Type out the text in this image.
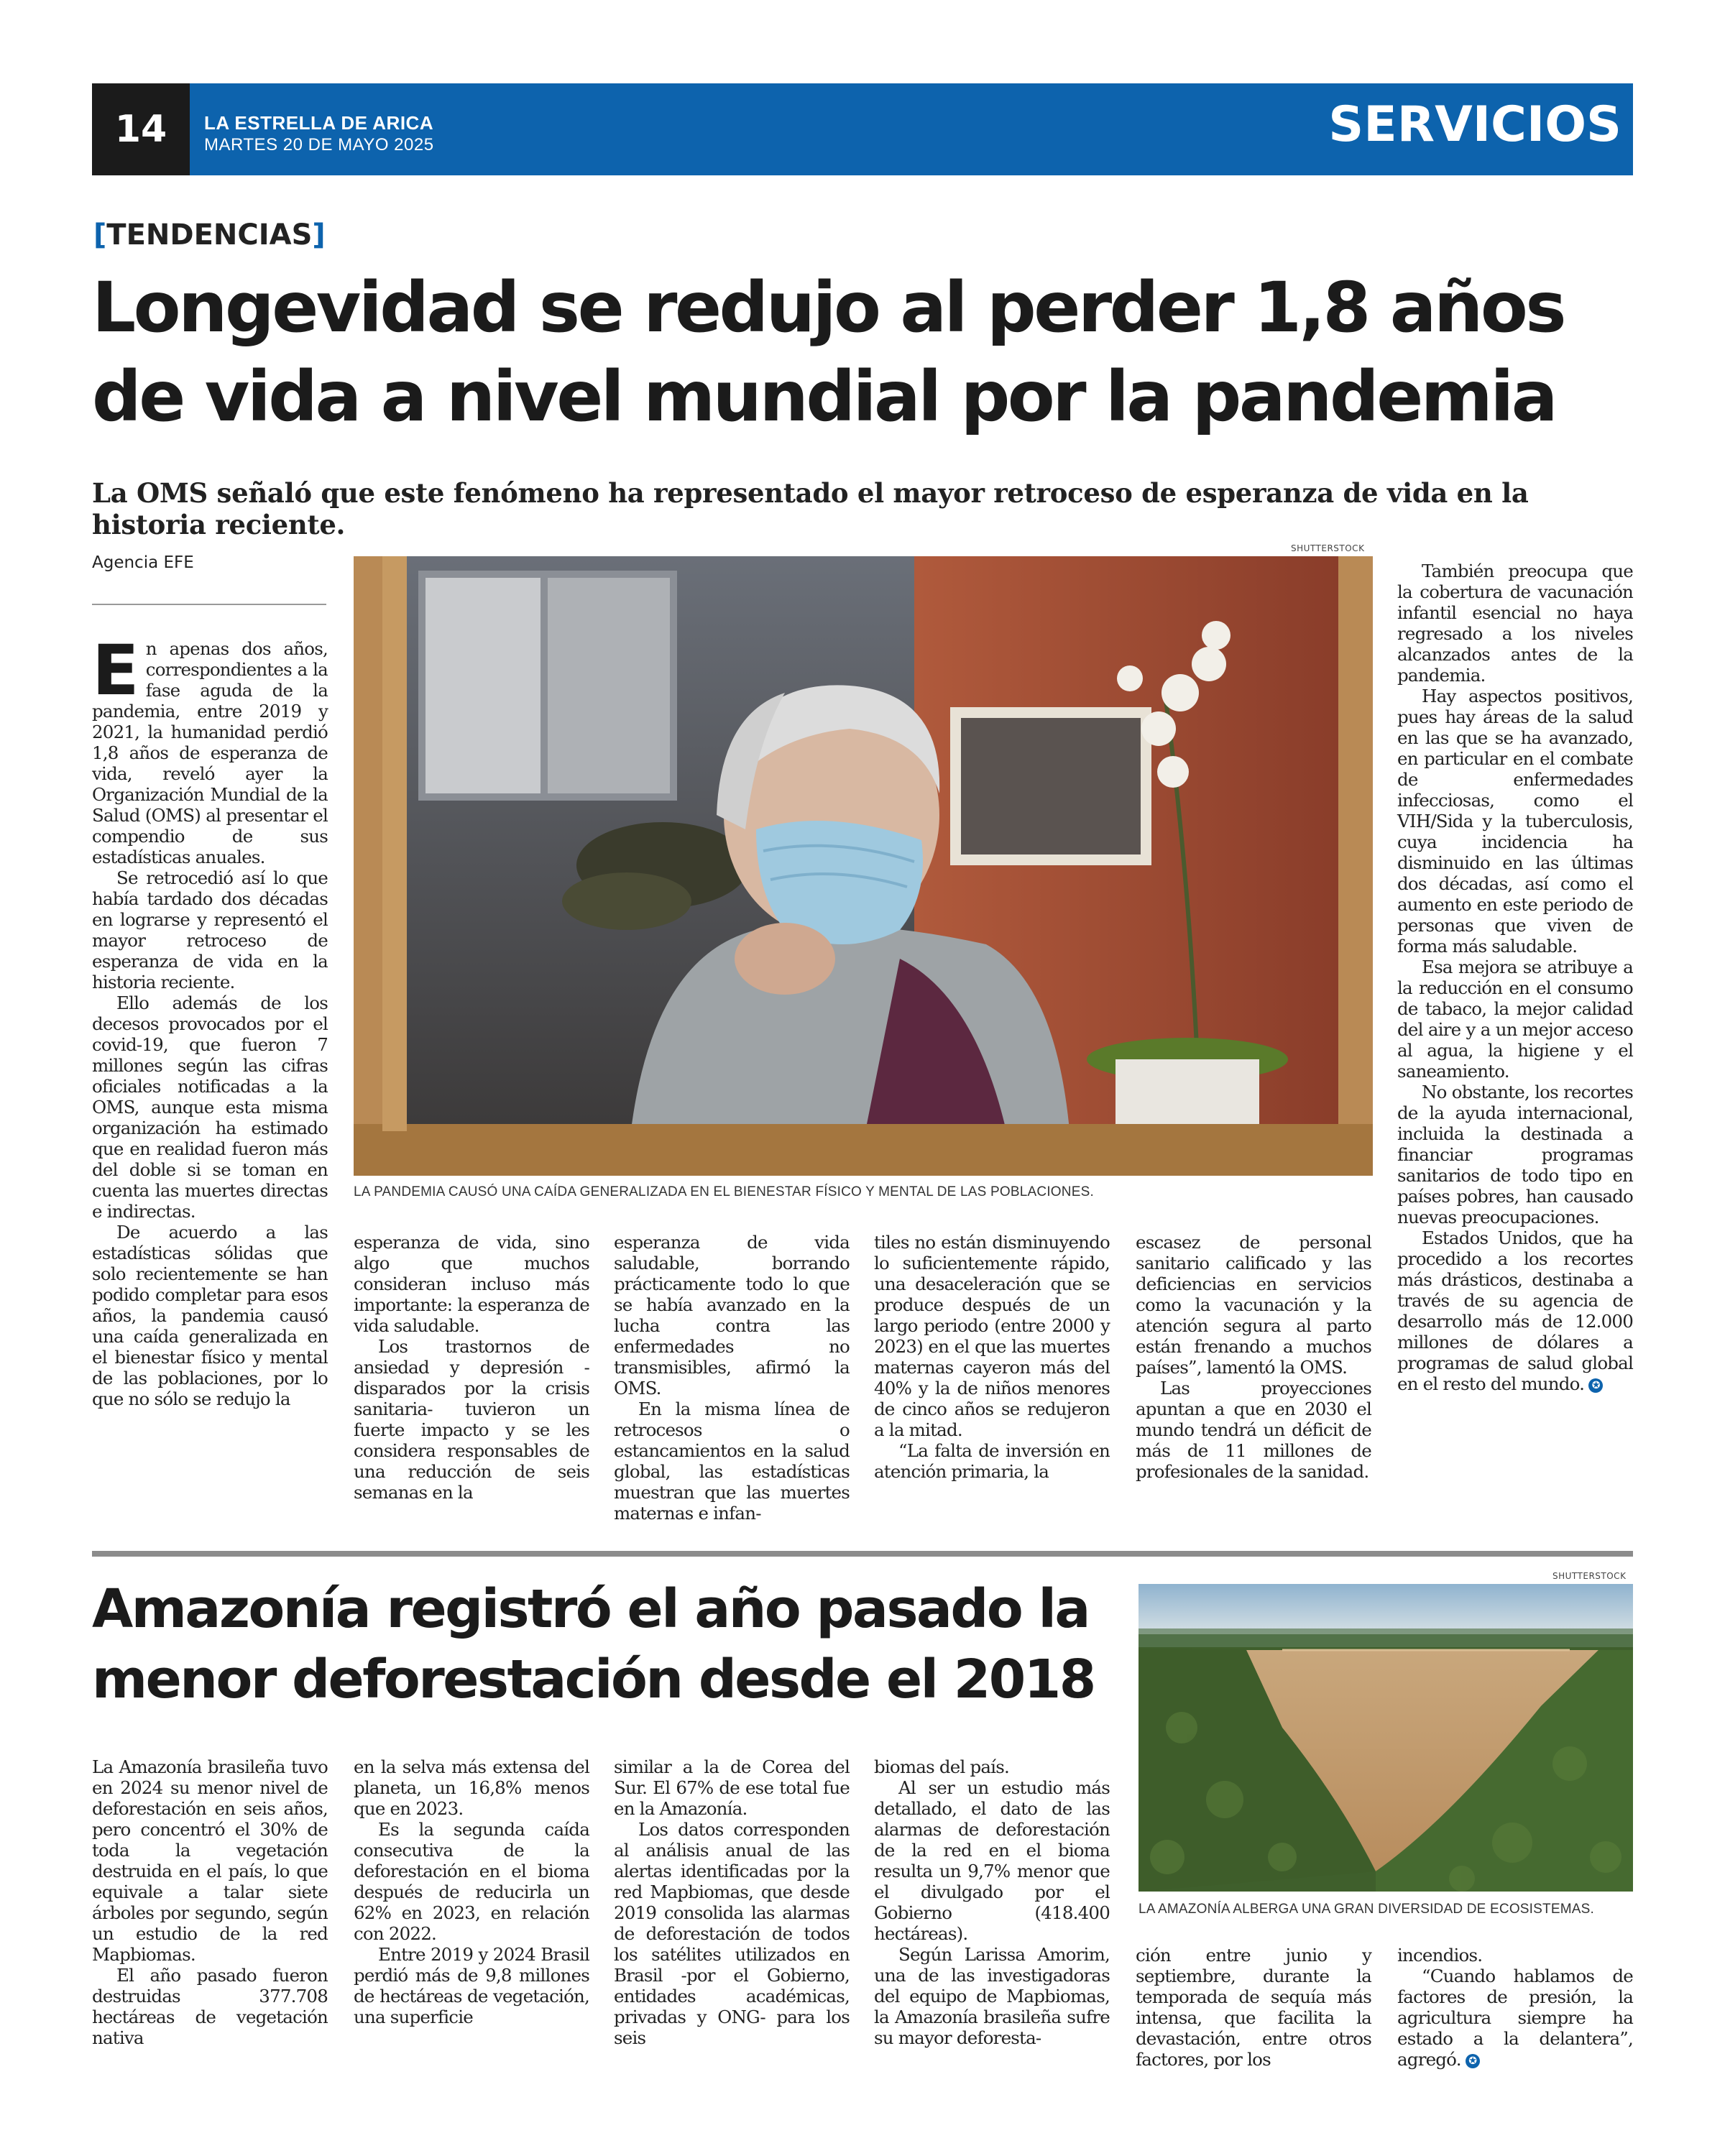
14	LA ESTRELLA DE ARICA
MARTES 20 DE MAYO 2025	SERVICIOS
[TENDENCIAS]
Longevidad se redujo al perder 1,8 años
de vida a nivel mundial por la pandemia
La OMS señaló que este fenómeno ha representado el mayor retroceso de esperanza de vida en la historia reciente.
Agencia EFE
SHUTTERSTOCK
LA PANDEMIA CAUSÓ UNA CAÍDA GENERALIZADA EN EL BIENESTAR FÍSICO Y MENTAL DE LAS POBLACIONES.

En apenas dos años, correspondientes a la fase aguda de la pandemia, entre 2019 y 2021, la humanidad perdió 1,8 años de esperanza de vida, reveló ayer la Organización Mundial de la Salud (OMS) al presentar el compendio de sus estadísticas anuales.

Se retrocedió así lo que había tardado dos décadas en lograrse y representó el mayor retroceso de esperanza de vida en la historia reciente.

Ello además de los decesos provocados por el covid-19, que fueron 7 millones según las cifras oficiales notificadas a la OMS, aunque esta misma organización ha estimado que en realidad fueron más del doble si se toman en cuenta las muertes directas e indirectas.

De acuerdo a las estadísticas sólidas que solo recientemente se han podido completar para esos años, la pandemia causó una caída generalizada en el bienestar físico y mental de las poblaciones, por lo que no sólo se redujo la

esperanza de vida, sino algo que muchos consideran incluso más importante: la esperanza de vida saludable.

Los trastornos de ansiedad y depresión -disparados por la crisis sanitaria- tuvieron un fuerte impacto y se les considera responsables de una reducción de seis semanas en la

esperanza de vida saludable, borrando prácticamente todo lo que se había avanzado en la lucha contra las enfermedades no transmisibles, afirmó la OMS.

En la misma línea de retrocesos o estancamientos en la salud global, las estadísticas muestran que las muertes maternas e infan-

tiles no están disminuyendo lo suficientemente rápido, una desaceleración que se produce después de un largo periodo (entre 2000 y 2023) en el que las muertes maternas cayeron más del 40% y la de niños menores de cinco años se redujeron a la mitad.

“La falta de inversión en atención primaria, la

escasez de personal sanitario calificado y las deficiencias en servicios como la vacunación y la atención segura al parto están frenando a muchos países”, lamentó la OMS.

Las proyecciones apuntan a que en 2030 el mundo tendrá un déficit de más de 11 millones de profesionales de la sanidad.

También preocupa que la cobertura de vacunación infantil esencial no haya regresado a los niveles alcanzados antes de la pandemia.

Hay aspectos positivos, pues hay áreas de la salud en las que se ha avanzado, en particular en el combate de enfermedades infecciosas, como el VIH/Sida y la tuberculosis, cuya incidencia ha disminuido en las últimas dos décadas, así como el aumento en este periodo de personas que viven de forma más saludable.

Esa mejora se atribuye a la reducción en el consumo de tabaco, la mejor calidad del aire y a un mejor acceso al agua, la higiene y el saneamiento.

No obstante, los recortes de la ayuda internacional, incluida la destinada a financiar programas sanitarios de todo tipo en países pobres, han causado nuevas preocupaciones.

Estados Unidos, que ha procedido a los recortes más drásticos, destinaba a través de su agencia de desarrollo más de 12.000 millones de dólares a programas de salud global en el resto del mundo. ✪

Amazonía registró el año pasado la
menor deforestación desde el 2018
SHUTTERSTOCK
LA AMAZONÍA ALBERGA UNA GRAN DIVERSIDAD DE ECOSISTEMAS.

La Amazonía brasileña tuvo en 2024 su menor nivel de deforestación en seis años, pero concentró el 30% de toda la vegetación destruida en el país, lo que equivale a talar siete árboles por segundo, según un estudio de la red Mapbiomas.

El año pasado fueron destruidas 377.708 hectáreas de vegetación nativa

en la selva más extensa del planeta, un 16,8% menos que en 2023.

Es la segunda caída consecutiva de la deforestación en el bioma después de reducirla un 62% en 2023, en relación con 2022.

Entre 2019 y 2024 Brasil perdió más de 9,8 millones de hectáreas de vegetación, una superficie

similar a la de Corea del Sur. El 67% de ese total fue en la Amazonía.

Los datos corresponden al análisis anual de las alertas identificadas por la red Mapbiomas, que desde 2019 consolida las alarmas de deforestación de todos los satélites utilizados en Brasil -por el Gobierno, entidades académicas, privadas y ONG- para los seis

biomas del país.

Al ser un estudio más detallado, el dato de las alarmas de deforestación de la red en el bioma resulta un 9,7% menor que el divulgado por el Gobierno (418.400 hectáreas).

Según Larissa Amorim, una de las investigadoras del equipo de Mapbiomas, la Amazonía brasileña sufre su mayor deforesta-

ción entre junio y septiembre, durante la temporada de sequía más intensa, que facilita la devastación, entre otros factores, por los

incendios.

“Cuando hablamos de factores de presión, la agricultura siempre ha estado a la delantera”, agregó. ✪
